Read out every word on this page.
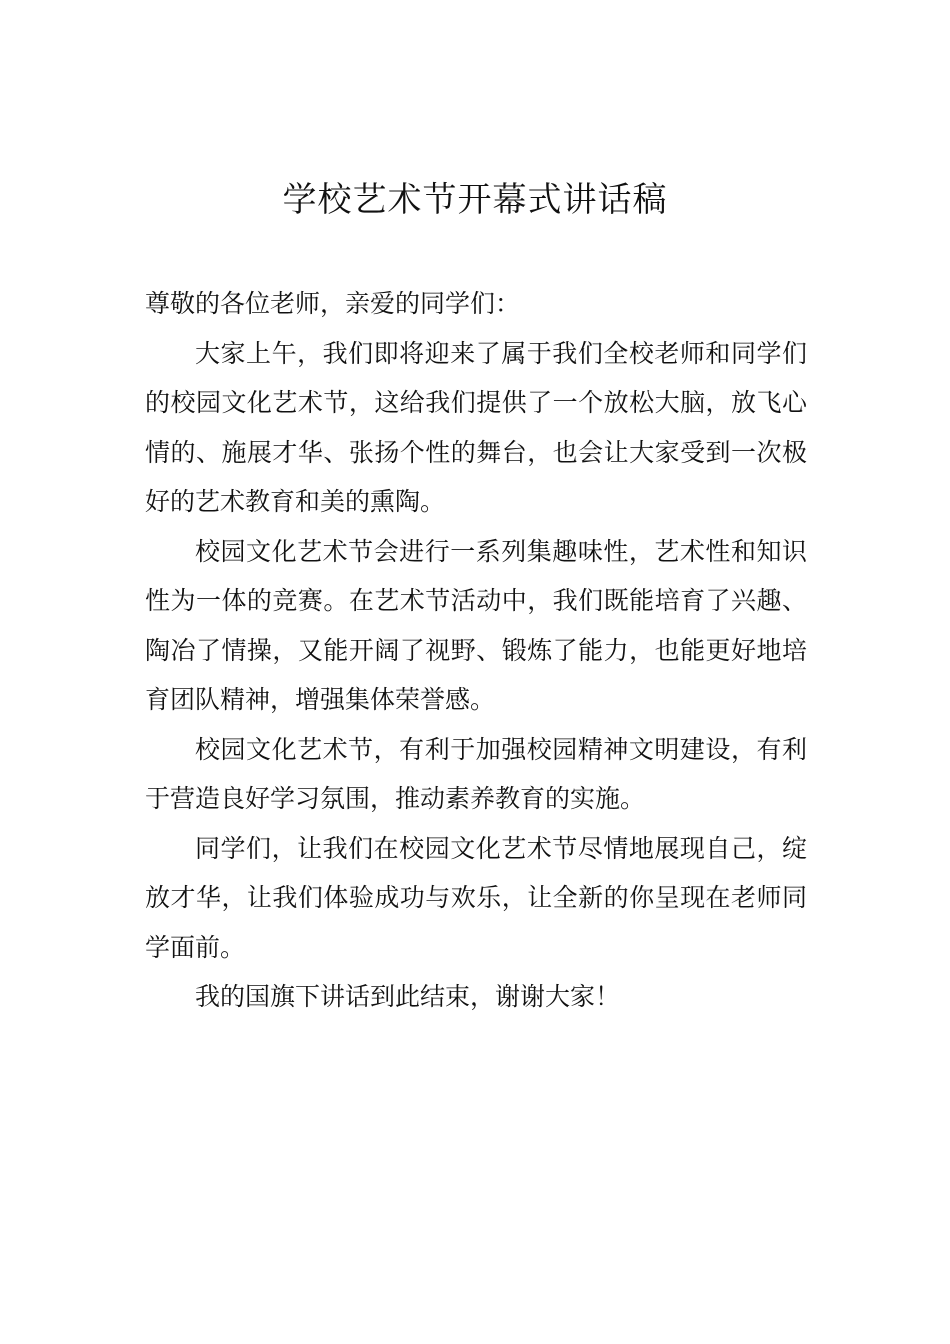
学校艺术节开幕式讲话稿

尊敬的各位老师，亲爱的同学们：

大家上午，我们即将迎来了属于我们全校老师和同学们的校园文化艺术节，这给我们提供了一个放松大脑，放飞心情的、施展才华、张扬个性的舞台，也会让大家受到一次极好的艺术教育和美的熏陶。

校园文化艺术节会进行一系列集趣味性，艺术性和知识性为一体的竞赛。在艺术节活动中，我们既能培育了兴趣、陶冶了情操，又能开阔了视野、锻炼了能力，也能更好地培育团队精神，增强集体荣誉感。

校园文化艺术节，有利于加强校园精神文明建设，有利于营造良好学习氛围，推动素养教育的实施。

同学们，让我们在校园文化艺术节尽情地展现自己，绽放才华，让我们体验成功与欢乐，让全新的你呈现在老师同学面前。

我的国旗下讲话到此结束，谢谢大家！
